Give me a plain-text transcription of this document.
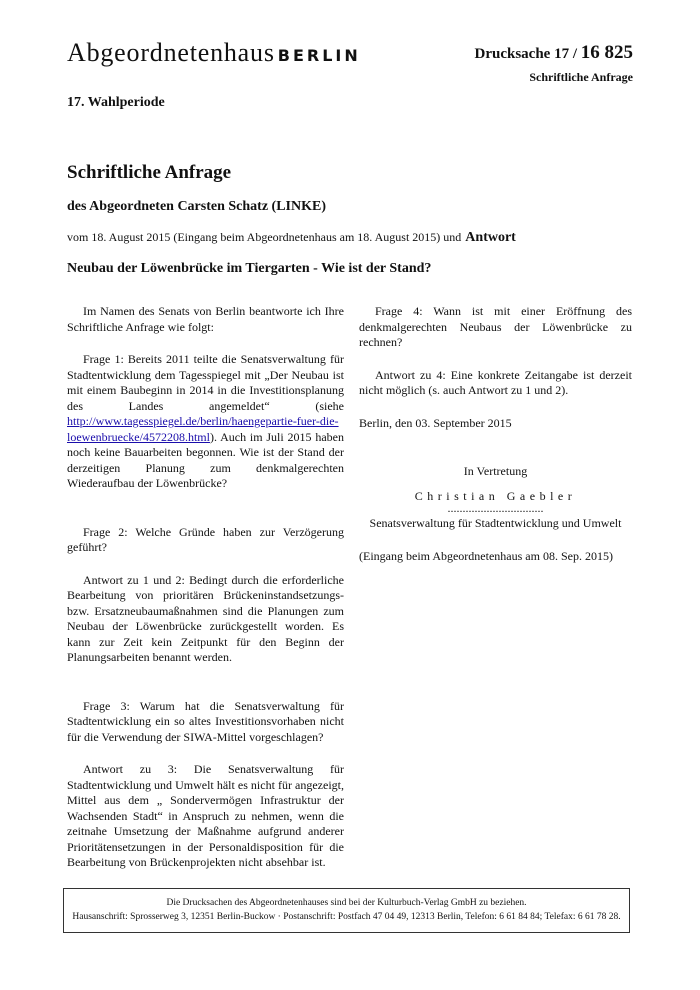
Abgeordnetenhaus BERLIN	Drucksache 17 / 16 825
Schriftliche Anfrage
17. Wahlperiode
Schriftliche Anfrage
des Abgeordneten Carsten Schatz (LINKE)
vom 18. August 2015 (Eingang beim Abgeordnetenhaus am 18. August 2015) und Antwort
Neubau der Löwenbrücke im Tiergarten - Wie ist der Stand?

Im Namen des Senats von Berlin beantworte ich Ihre Schriftliche Anfrage wie folgt:

Frage 1: Bereits 2011 teilte die Senatsverwaltung für Stadtentwicklung dem Tagesspiegel mit „Der Neubau ist mit einem Baubeginn in 2014 in die Investitionsplanung des Landes angemeldet“ (siehe http://www.tagesspiegel.de/berlin/haengepartie-fuer-die-loewenbruecke/4572208.html). Auch im Juli 2015 haben noch keine Bauarbeiten begonnen. Wie ist der Stand der derzeitigen Planung zum denkmalgerechten Wiederaufbau der Löwenbrücke?

Frage 2: Welche Gründe haben zur Verzögerung geführt?

Antwort zu 1 und 2: Bedingt durch die erforderliche Bearbeitung von prioritären Brückeninstandsetzungs- bzw. Ersatzneubaumaßnahmen sind die Planungen zum Neubau der Löwenbrücke zurückgestellt worden. Es kann zur Zeit kein Zeitpunkt für den Beginn der Planungsarbeiten benannt werden.

Frage 3: Warum hat die Senatsverwaltung für Stadtentwicklung ein so altes Investitionsvorhaben nicht für die Verwendung der SIWA-Mittel vorgeschlagen?

Antwort zu 3: Die Senatsverwaltung für Stadtentwicklung und Umwelt hält es nicht für angezeigt, Mittel aus dem „ Sondervermögen Infrastruktur der Wachsenden Stadt“ in Anspruch zu nehmen, wenn die zeitnahe Umsetzung der Maßnahme aufgrund anderer Prioritätensetzungen in der Personaldisposition für die Bearbeitung von Brückenprojekten nicht absehbar ist.

Frage 4: Wann ist mit einer Eröffnung des denkmalgerechten Neubaus der Löwenbrücke zu rechnen?

Antwort zu 4: Eine konkrete Zeitangabe ist derzeit nicht möglich (s. auch Antwort zu 1 und 2).

Berlin, den 03. September 2015

In Vertretung
Christian Gaebler
................................
Senatsverwaltung für Stadtentwicklung und Umwelt

(Eingang beim Abgeordnetenhaus am 08. Sep. 2015)

Die Drucksachen des Abgeordnetenhauses sind bei der Kulturbuch-Verlag GmbH zu beziehen.
Hausanschrift: Sprosserweg 3, 12351 Berlin-Buckow · Postanschrift: Postfach 47 04 49, 12313 Berlin, Telefon: 6 61 84 84; Telefax: 6 61 78 28.
